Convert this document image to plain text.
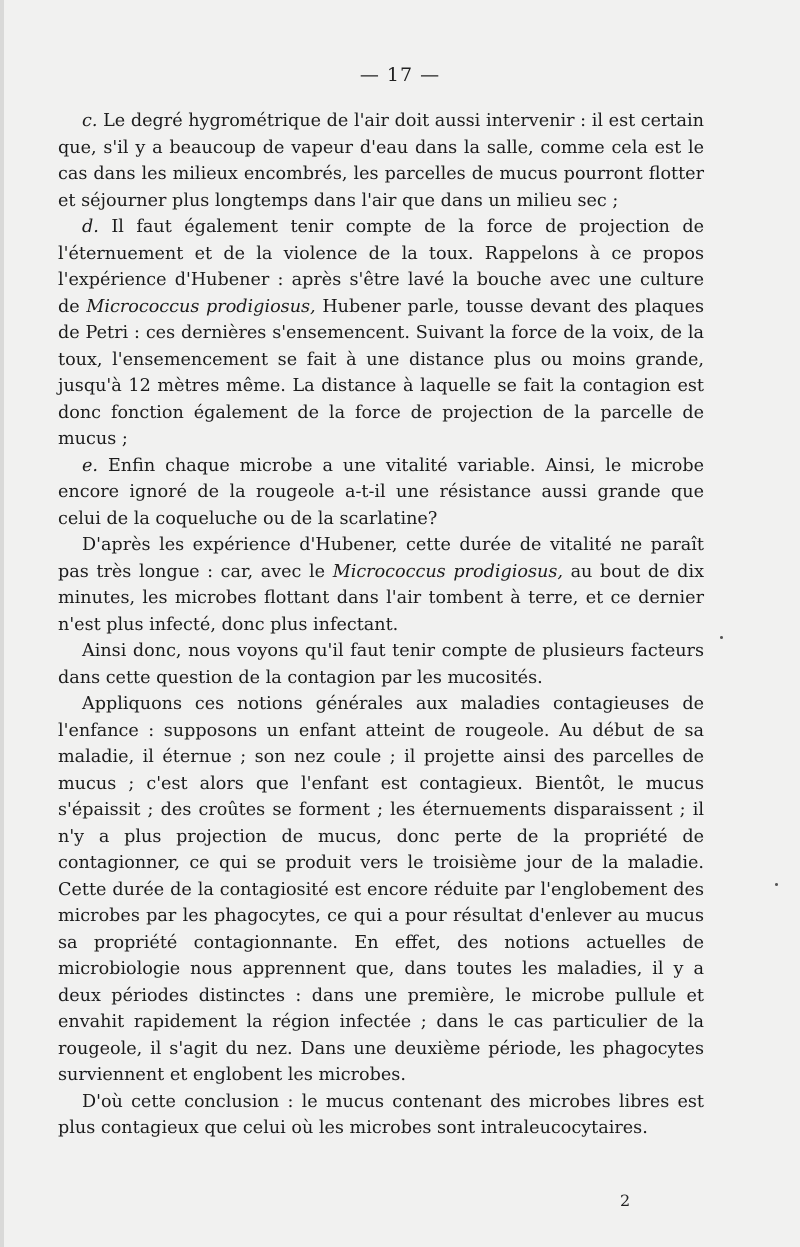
— 17 —

c. Le degré hygrométrique de l'air doit aussi intervenir : il est certain que, s'il y a beaucoup de vapeur d'eau dans la salle, comme cela est le cas dans les milieux encombrés, les parcelles de mucus pourront flotter et séjourner plus longtemps dans l'air que dans un milieu sec ;

d. Il faut également tenir compte de la force de projection de l'éternuement et de la violence de la toux. Rappelons à ce propos l'expérience d'Hubener : après s'être lavé la bouche avec une culture de Micrococcus prodigiosus, Hubener parle, tousse devant des plaques de Petri : ces dernières s'ensemencent. Suivant la force de la voix, de la toux, l'ensemencement se fait à une distance plus ou moins grande, jusqu'à 12 mètres même. La distance à laquelle se fait la contagion est donc fonction également de la force de projection de la parcelle de mucus ;

e. Enfin chaque microbe a une vitalité variable. Ainsi, le microbe encore ignoré de la rougeole a-t-il une résistance aussi grande que celui de la coqueluche ou de la scarlatine?

D'après les expérience d'Hubener, cette durée de vitalité ne paraît pas très longue : car, avec le Micrococcus prodigiosus, au bout de dix minutes, les microbes flottant dans l'air tombent à terre, et ce dernier n'est plus infecté, donc plus infectant.

Ainsi donc, nous voyons qu'il faut tenir compte de plusieurs facteurs dans cette question de la contagion par les mucosités.

Appliquons ces notions générales aux maladies contagieuses de l'enfance : supposons un enfant atteint de rougeole. Au début de sa maladie, il éternue ; son nez coule ; il projette ainsi des parcelles de mucus ; c'est alors que l'enfant est contagieux. Bientôt, le mucus s'épaissit ; des croûtes se forment ; les éternuements disparaissent ; il n'y a plus projection de mucus, donc perte de la propriété de contagionner, ce qui se produit vers le troisième jour de la maladie. Cette durée de la contagiosité est encore réduite par l'englobement des microbes par les phagocytes, ce qui a pour résultat d'enlever au mucus sa propriété contagionnante. En effet, des notions actuelles de microbiologie nous apprennent que, dans toutes les maladies, il y a deux périodes distinctes : dans une première, le microbe pullule et envahit rapidement la région infectée ; dans le cas particulier de la rougeole, il s'agit du nez. Dans une deuxième période, les phagocytes surviennent et englobent les microbes.

D'où cette conclusion : le mucus contenant des microbes libres est plus contagieux que celui où les microbes sont intraleucocytaires.

2
